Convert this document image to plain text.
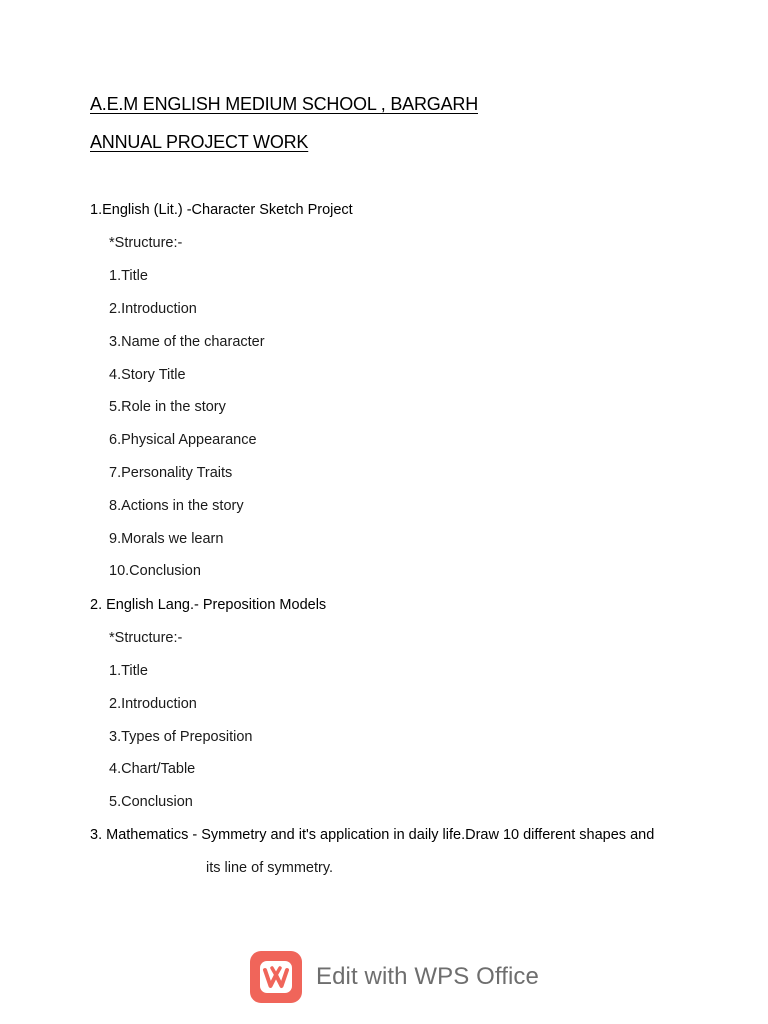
A.E.M ENGLISH MEDIUM SCHOOL , BARGARH
ANNUAL PROJECT WORK
1.English (Lit.) -Character Sketch Project
*Structure:-
1.Title
2.Introduction
3.Name of the character
4.Story Title
5.Role in the story
6.Physical Appearance
7.Personality Traits
8.Actions in the story
9.Morals we learn
10.Conclusion
2. English Lang.- Preposition Models
*Structure:-
1.Title
2.Introduction
3.Types of Preposition
4.Chart/Table
5.Conclusion
3. Mathematics - Symmetry and it's application in daily life.Draw 10 different shapes and
its line of symmetry.
Edit with WPS Office
